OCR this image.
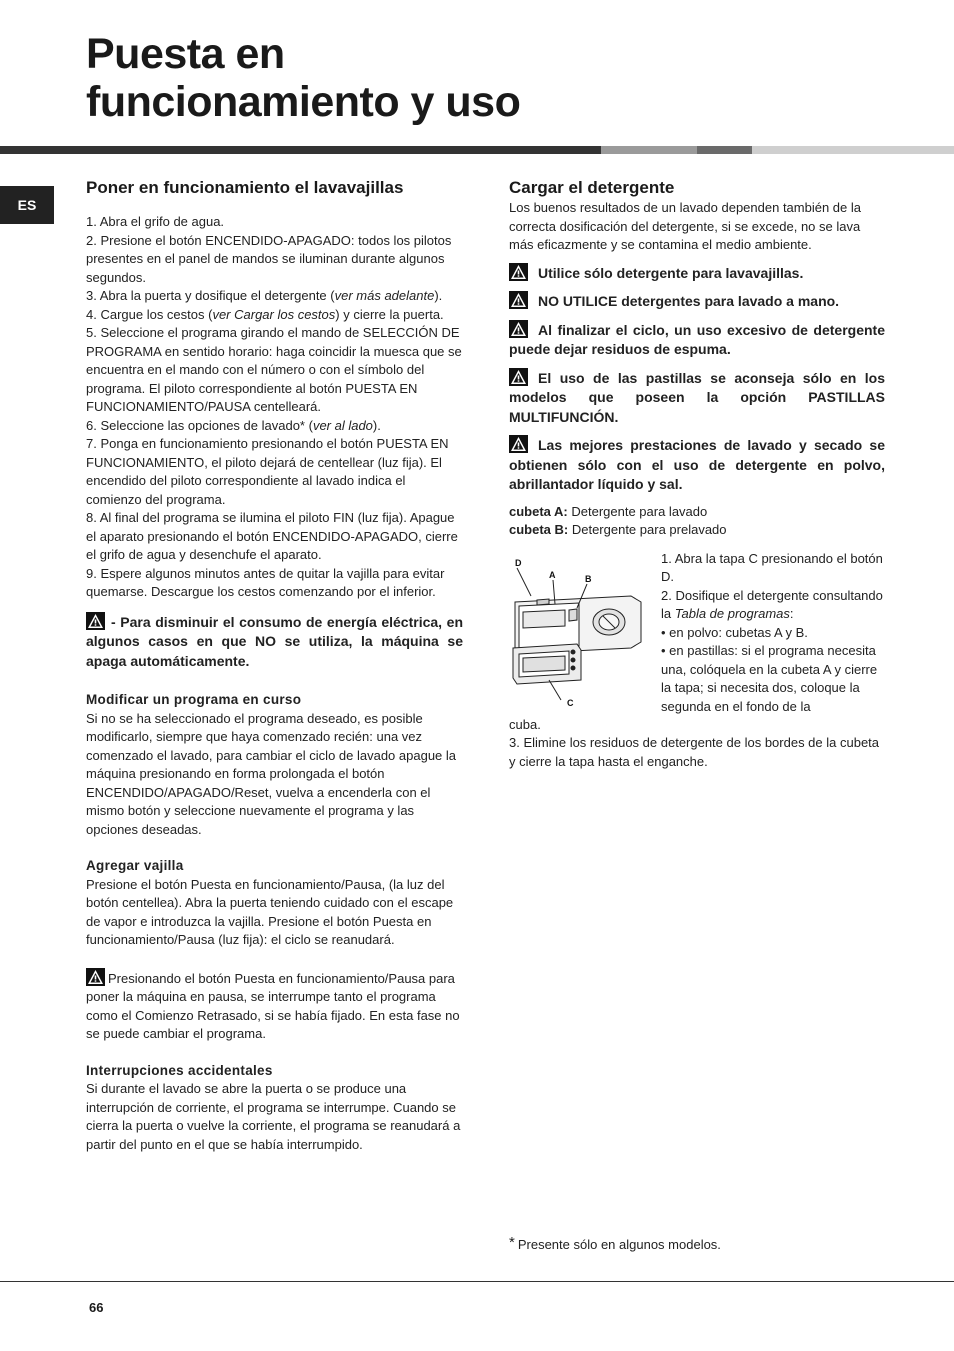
Puesta en
funcionamiento y uso
ES
Poner en funcionamiento el lavavajillas

1. Abra el grifo de agua.

2. Presione el botón ENCENDIDO-APAGADO: todos los pilotos presentes en el panel de mandos se iluminan durante algunos segundos.

3. Abra la puerta y dosifique el detergente (ver más adelante).

4. Cargue los cestos (ver Cargar los cestos) y cierre la puerta.

5. Seleccione el programa girando el mando de SELECCIÓN DE PROGRAMA en sentido horario: haga coincidir la muesca que se encuentra en el mando con el número o con el símbolo del programa. El piloto correspondiente al botón PUESTA EN FUNCIONAMIENTO/PAUSA centelleará.

6. Seleccione las opciones de lavado* (ver al lado).

7. Ponga en funcionamiento presionando el botón PUESTA EN FUNCIONAMIENTO, el piloto dejará de centellear (luz fija). El encendido del piloto correspondiente al lavado indica el comienzo del programa.

8. Al final del programa se ilumina el piloto FIN (luz fija). Apague el aparato presionando el botón ENCENDIDO-APAGADO, cierre el grifo de agua y desenchufe el aparato.

9. Espere algunos minutos antes de quitar la vajilla para evitar quemarse. Descargue los cestos comenzando por el inferior.

- Para disminuir el consumo de energía eléctrica, en algunos casos en que NO se utiliza, la máquina se apaga automáticamente.

Modificar un programa en curso

Si no se ha seleccionado el programa deseado, es posible modificarlo, siempre que haya comenzado recién: una vez comenzado el lavado, para cambiar el ciclo de lavado apague la máquina presionando en forma prolongada el botón ENCENDIDO/APAGADO/Reset, vuelva a encenderla con el mismo botón y seleccione nuevamente el programa y las opciones deseadas.

Agregar vajilla

Presione el botón Puesta en funcionamiento/Pausa, (la luz del botón centellea). Abra la puerta teniendo cuidado con el escape de vapor e introduzca la vajilla. Presione el botón Puesta en funcionamiento/Pausa (luz fija): el ciclo se reanudará.

Presionando el botón Puesta en funcionamiento/Pausa para poner la máquina en pausa, se interrumpe tanto el programa como el Comienzo Retrasado, si se había fijado. En esta fase no se puede cambiar el programa.

Interrupciones accidentales

Si durante el lavado se abre la puerta o se produce una interrupción de corriente, el programa se interrumpe. Cuando se cierra la puerta o vuelve la corriente, el programa se reanudará a partir del punto en el que se había interrumpido.

Cargar el detergente

Los buenos resultados de un lavado dependen también de la correcta dosificación del detergente, si se excede, no se lava más eficazmente y se contamina el medio ambiente.

Utilice sólo detergente para lavavajillas.

NO UTILICE detergentes para lavado a mano.

Al finalizar el ciclo, un uso excesivo de detergente puede dejar residuos de espuma.

El uso de las pastillas se aconseja sólo en los modelos que poseen la opción PASTILLAS MULTIFUNCIÓN.

Las mejores prestaciones de lavado y secado se obtienen sólo con el uso de detergente en polvo, abrillantador líquido y sal.

cubeta A: Detergente para lavado

cubeta B: Detergente para prelavado

D
A	B
C

1. Abra la tapa C presionando el botón D.

2. Dosifique el detergente consultando la Tabla de programas:

• en polvo: cubetas A y B.

• en pastillas: si el programa necesita una, colóquela en la cubeta A y cierre la tapa; si necesita dos, coloque la segunda en el fondo de la

cuba.

3. Elimine los residuos de detergente de los bordes de la cubeta y cierre la tapa hasta el enganche.

* Presente sólo en algunos modelos.
66
